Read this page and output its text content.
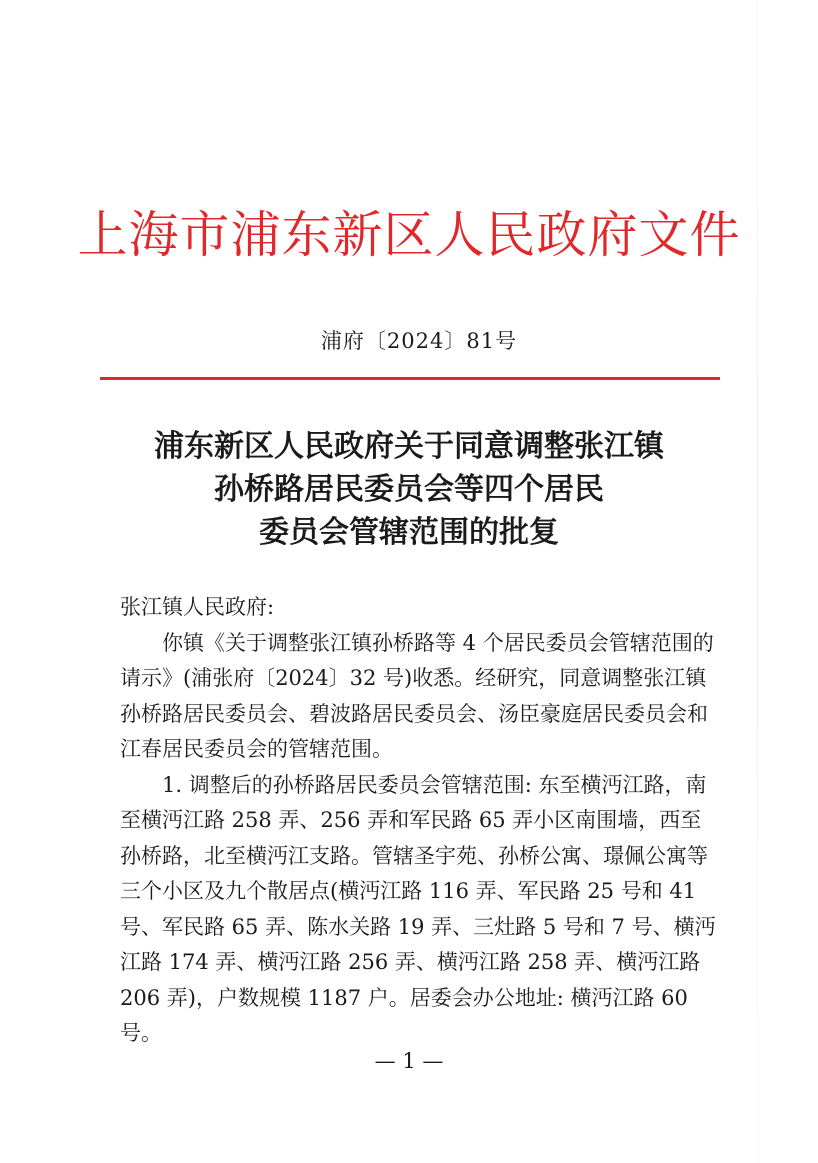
上海市浦东新区人民政府文件
浦府〔2024〕81号
浦东新区人民政府关于同意调整张江镇
孙桥路居民委员会等四个居民
委员会管辖范围的批复

张江镇人民政府:

你镇《关于调整张江镇孙桥路等 4 个居民委员会管辖范围的请示》(浦张府〔2024〕32 号)收悉。经研究，同意调整张江镇孙桥路居民委员会、碧波路居民委员会、汤臣豪庭居民委员会和江春居民委员会的管辖范围。

1. 调整后的孙桥路居民委员会管辖范围: 东至横沔江路，南至横沔江路 258 弄、256 弄和军民路 65 弄小区南围墙，西至孙桥路，北至横沔江支路。管辖圣宇苑、孙桥公寓、璟佩公寓等三个小区及九个散居点(横沔江路 116 弄、军民路 25 号和 41 号、军民路 65 弄、陈水关路 19 弄、三灶路 5 号和 7 号、横沔江路 174 弄、横沔江路 256 弄、横沔江路 258 弄、横沔江路 206 弄)，户数规模 1187 户。居委会办公地址: 横沔江路 60 号。

— 1 —
